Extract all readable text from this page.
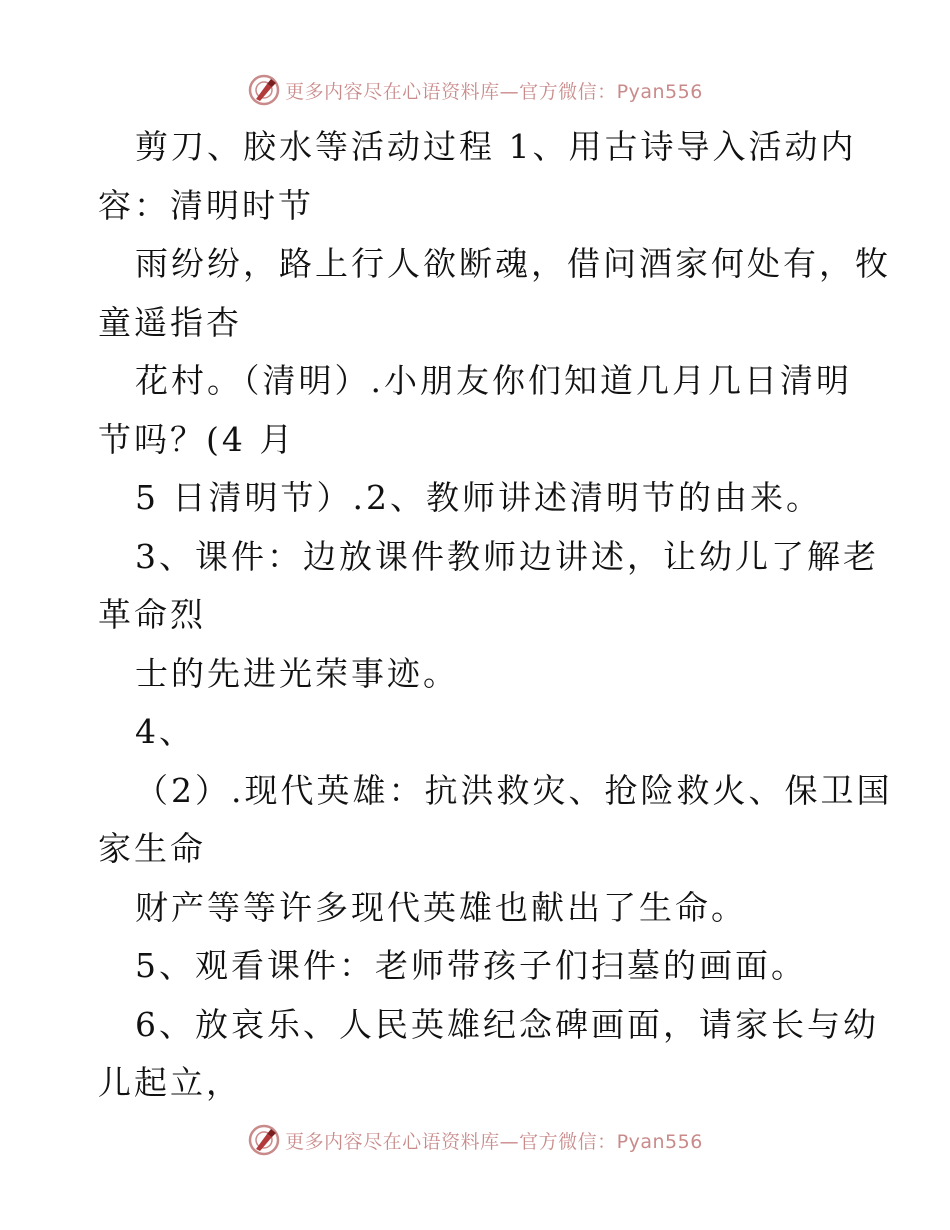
更多内容尽在心语资料库—官方微信：Pyan556
剪刀、胶水等活动过程 1、用古诗导入活动内
容：清明时节
雨纷纷，路上行人欲断魂，借问酒家何处有，牧
童遥指杏
花村。（清明）.小朋友你们知道几月几日清明
节吗？(4 月
5 日清明节）.2、教师讲述清明节的由来。
3、课件：边放课件教师边讲述，让幼儿了解老
革命烈
士的先进光荣事迹。
4、
（2）.现代英雄：抗洪救灾、抢险救火、保卫国
家生命
财产等等许多现代英雄也献出了生命。
5、观看课件：老师带孩子们扫墓的画面。
6、放哀乐、人民英雄纪念碑画面，请家长与幼
儿起立，
更多内容尽在心语资料库—官方微信：Pyan556
